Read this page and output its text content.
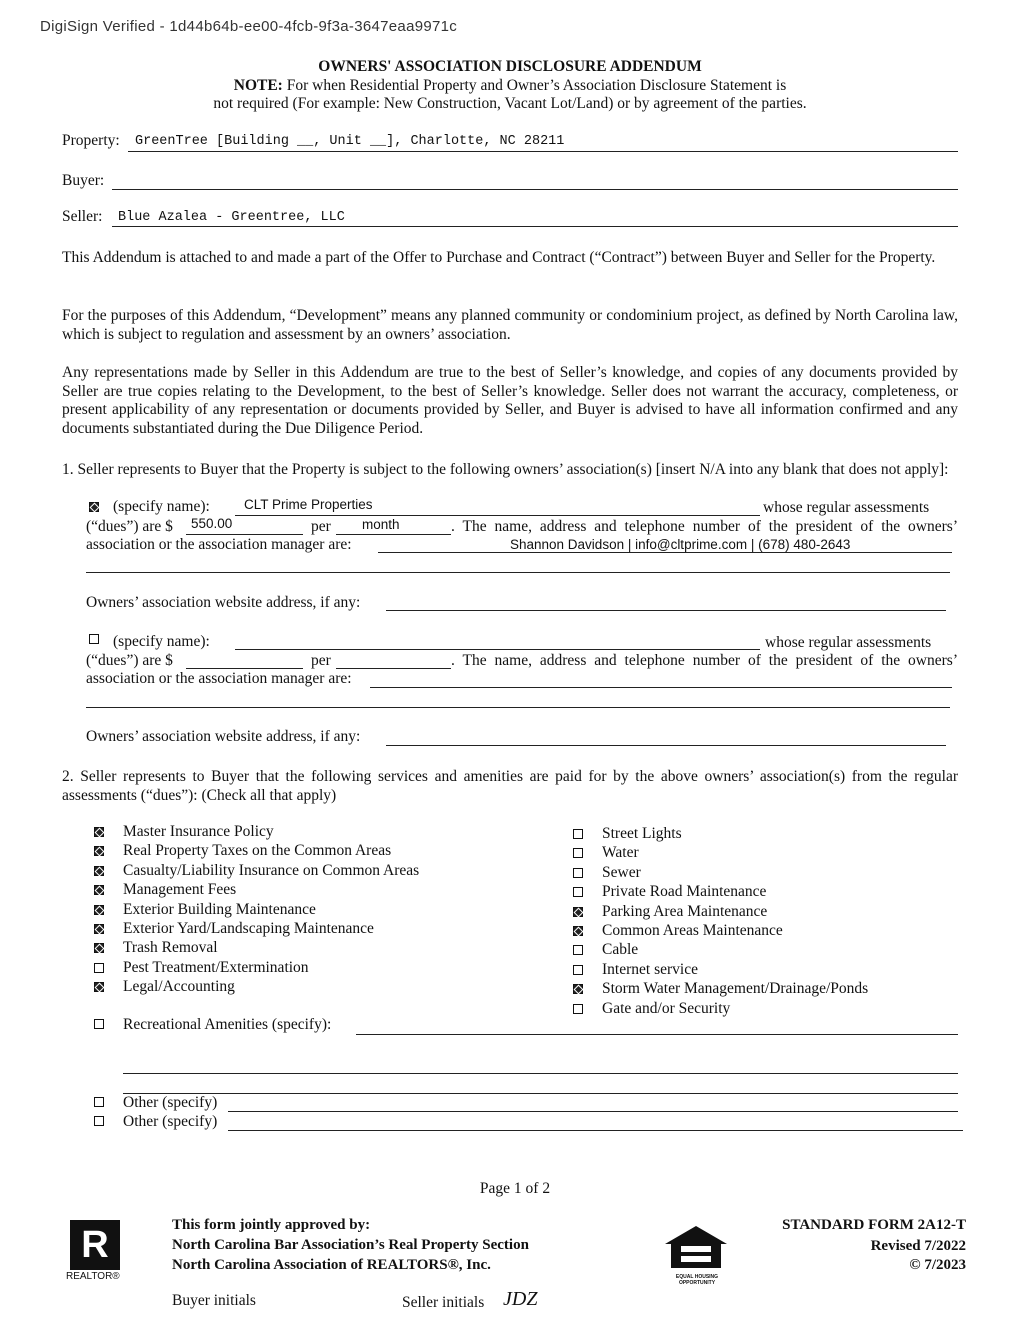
DigiSign Verified - 1d44b64b-ee00-4fcb-9f3a-3647eaa9971c
OWNERS' ASSOCIATION DISCLOSURE ADDENDUM
NOTE: For when Residential Property and Owner’s Association Disclosure Statement is
not required (For example: New Construction, Vacant Lot/Land) or by agreement of the parties.
Property: GreenTree [Building __, Unit __], Charlotte, NC 28211
Buyer:
Seller: Blue Azalea - Greentree, LLC
This Addendum is attached to and made a part of the Offer to Purchase and Contract (“Contract”) between Buyer and Seller for the Property.
For the purposes of this Addendum, “Development” means any planned community or condominium project, as defined by North Carolina law, which is subject to regulation and assessment by an owners’ association.
Any representations made by Seller in this Addendum are true to the best of Seller’s knowledge, and copies of any documents provided by Seller are true copies relating to the Development, to the best of Seller’s knowledge. Seller does not warrant the accuracy, completeness, or present applicability of any representation or documents provided by Seller, and Buyer is advised to have all information confirmed and any documents substantiated during the Due Diligence Period.
1. Seller represents to Buyer that the Property is subject to the following owners’ association(s) [insert N/A into any blank that does not apply]:
(specify name):	CLT Prime Properties	whose regular assessments
(“dues”) are $ 550.00	per month	. The name, address and telephone number of the president of the owners’
association or the association manager are:	Shannon Davidson | info@cltprime.com | (678) 480-2643
Owners’ association website address, if any:
(specify name):	whose regular assessments
(“dues”) are $	per	. The name, address and telephone number of the president of the owners’
association or the association manager are:
Owners’ association website address, if any:
2. Seller represents to Buyer that the following services and amenities are paid for by the above owners’ association(s) from the regular assessments (“dues”): (Check all that apply)
Master Insurance Policy
Real Property Taxes on the Common Areas
Casualty/Liability Insurance on Common Areas
Management Fees
Exterior Building Maintenance
Exterior Yard/Landscaping Maintenance
Trash Removal
Pest Treatment/Extermination
Legal/Accounting
Street Lights
Water
Sewer
Private Road Maintenance
Parking Area Maintenance
Common Areas Maintenance
Cable
Internet service
Storm Water Management/Drainage/Ponds
Gate and/or Security
Recreational Amenities (specify):
Other (specify)
Other (specify)
Page 1 of 2
R
REALTOR®
This form jointly approved by:
North Carolina Bar Association’s Real Property Section
North Carolina Association of REALTORS®, Inc.
EQUAL HOUSING OPPORTUNITY
STANDARD FORM 2A12-T
Revised 7/2022
© 7/2023
Buyer initials	Seller initials JDZ
